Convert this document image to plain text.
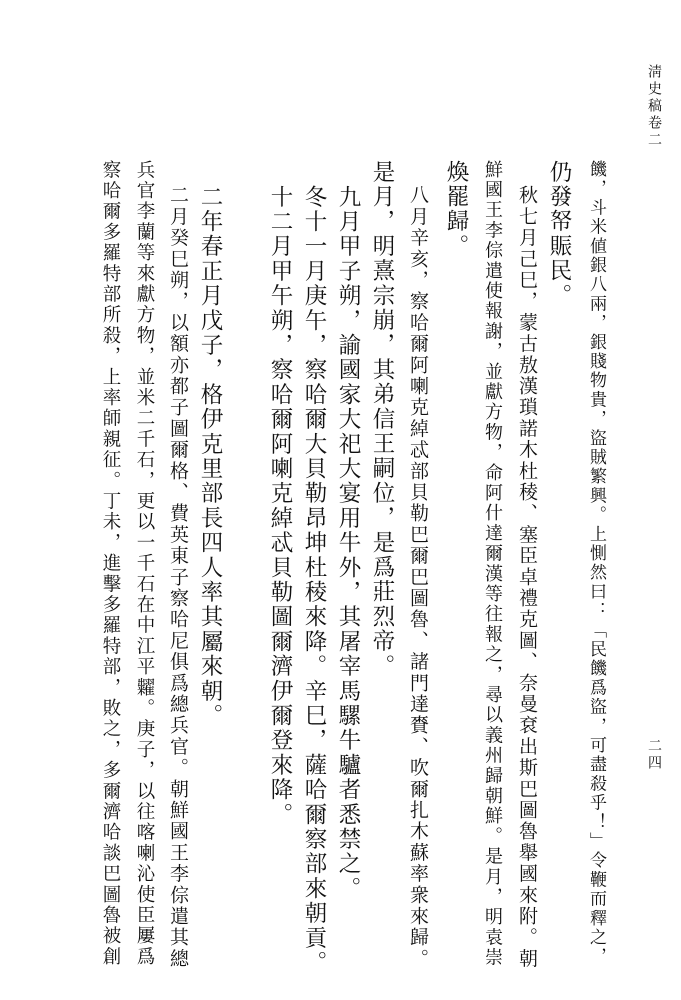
淸史稿卷二
二四
饑，斗米値銀八兩，銀賤物貴，盜賊繁興。上惻然曰：「民饑爲盜，可盡殺乎！」令鞭而釋之，
仍發帑賑民。
秋七月己巳，蒙古敖漢瑣諾木杜稜、塞臣卓禮克圖、奈曼袞出斯巴圖魯舉國來附。朝
鮮國王李倧遣使報謝，並獻方物，命阿什達爾漢等往報之，尋以義州歸朝鮮。是月，明袁崇
煥罷歸。
八月辛亥，察哈爾阿喇克綽忒部貝勒巴爾巴圖魯、諸門達賚、吹爾扎木蘇率衆來歸。
是月，明熹宗崩，其弟信王嗣位，是爲莊烈帝。
九月甲子朔，諭國家大祀大宴用牛外，其屠宰馬騾牛驢者悉禁之。
冬十一月庚午，察哈爾大貝勒昂坤杜稜來降。辛巳，薩哈爾察部來朝貢。
十二月甲午朔，察哈爾阿喇克綽忒貝勒圖爾濟伊爾登來降。
二年春正月戊子，格伊克里部長四人率其屬來朝。
二月癸巳朔，以額亦都子圖爾格、費英東子察哈尼俱爲總兵官。朝鮮國王李倧遣其總
兵官李蘭等來獻方物，並米二千石，更以一千石在中江平糶。庚子，以往喀喇沁使臣屢爲
察哈爾多羅特部所殺，上率師親征。丁未，進擊多羅特部，敗之，多爾濟哈談巴圖魯被創
